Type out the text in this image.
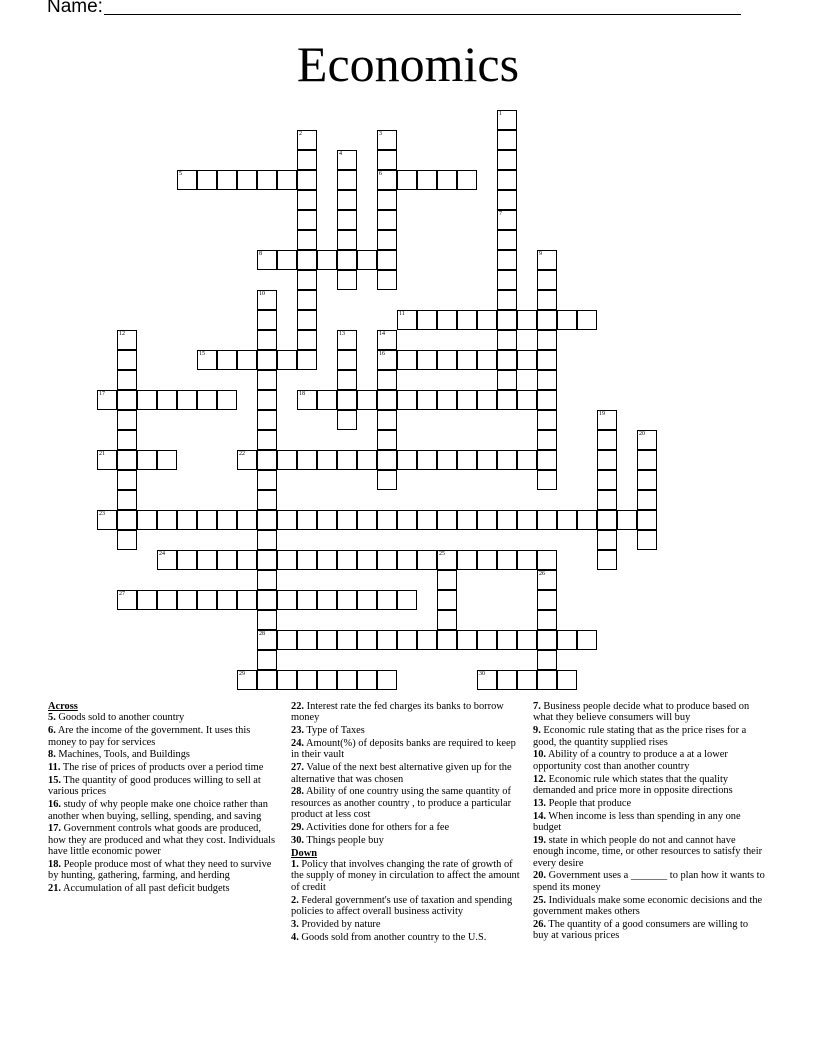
Name:
Economics
1
7
2	3
6
4
5
8	9
10
28
11
12	13	14
16
15
17	18
19
20
21	22
23
24	25
26
27
29	30

Across

5. Goods sold to another country

6. Are the income of the government. It uses this money to pay for services

8. Machines, Tools, and Buildings

11. The rise of prices of products over a period time

15. The quantity of good produces willing to sell at various prices

16. study of why people make one choice rather than another when buying, selling, spending, and saving

17. Government controls what goods are produced, how they are produced and what they cost. Individuals have little economic power

18. People produce most of what they need to survive by hunting, gathering, farming, and herding

21. Accumulation of all past deficit budgets

22. Interest rate the fed charges its banks to borrow money

23. Type of Taxes

24. Amount(%) of deposits banks are required to keep in their vault

27. Value of the next best alternative given up for the alternative that was chosen

28. Ability of one country using the same quantity of resources as another country , to produce a particular product at less cost

29. Activities done for others for a fee

30. Things people buy

Down

1. Policy that involves changing the rate of growth of the supply of money in circulation to affect the amount of credit

2. Federal government's use of taxation and spending policies to affect overall business activity

3. Provided by nature

4. Goods sold from another country to the U.S.

7. Business people decide what to produce based on what they believe consumers will buy

9. Economic rule stating that as the price rises for a good, the quantity supplied rises

10. Ability of a country to produce a at a lower opportunity cost than another country

12. Economic rule which states that the quality demanded and price more in opposite directions

13. People that produce

14. When income is less than spending in any one budget

19. state in which people do not and cannot have enough income, time, or other resources to satisfy their every desire

20. Government uses a _______ to plan how it wants to spend its money

25. Individuals make some economic decisions and the government makes others

26. The quantity of a good consumers are willing to buy at various prices
